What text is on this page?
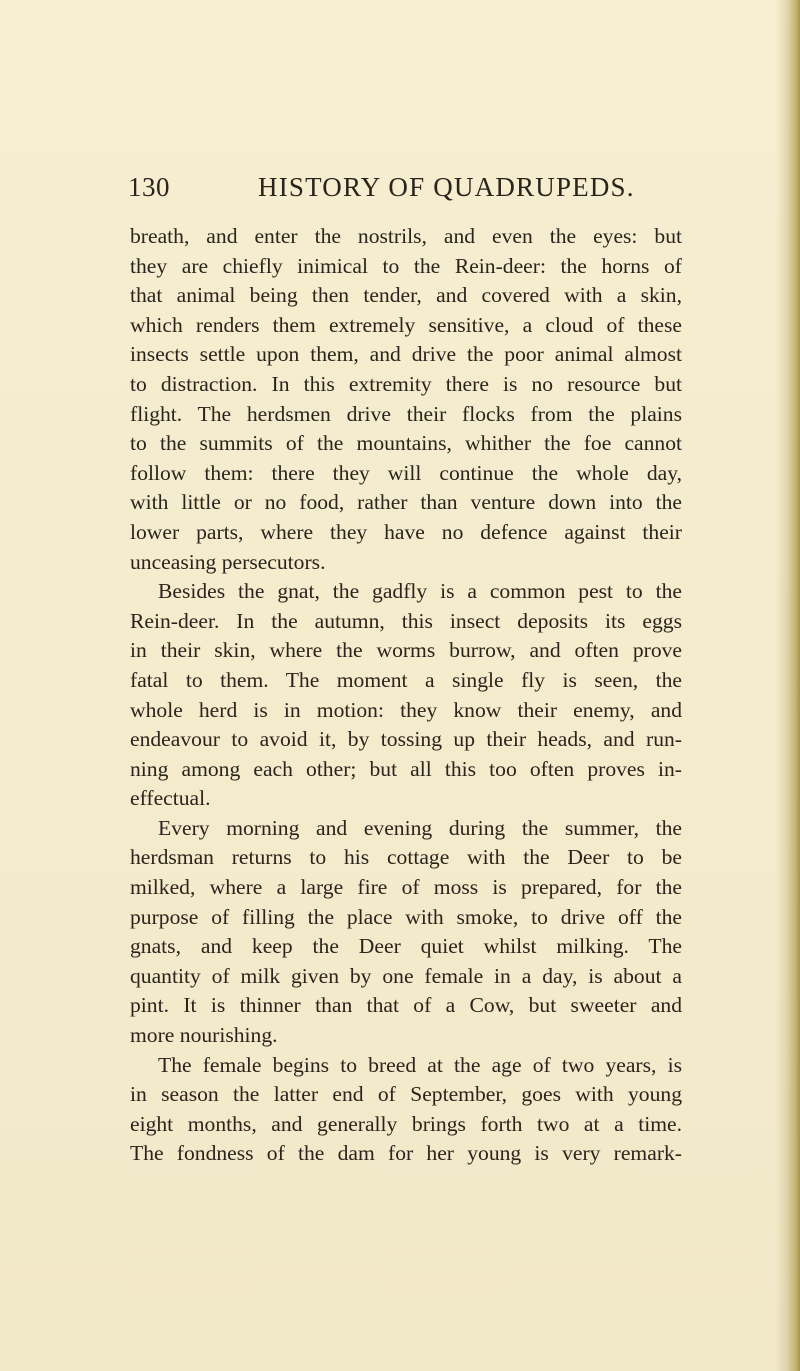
130	HISTORY OF QUADRUPEDS.
breath, and enter the nostrils, and even the eyes: but
they are chiefly inimical to the Rein-deer: the horns of
that animal being then tender, and covered with a skin,
which renders them extremely sensitive, a cloud of these
insects settle upon them, and drive the poor animal almost
to distraction. In this extremity there is no resource but
flight. The herdsmen drive their flocks from the plains
to the summits of the mountains, whither the foe cannot
follow them: there they will continue the whole day,
with little or no food, rather than venture down into the
lower parts, where they have no defence against their
unceasing persecutors.
Besides the gnat, the gadfly is a common pest to the
Rein-deer. In the autumn, this insect deposits its eggs
in their skin, where the worms burrow, and often prove
fatal to them. The moment a single fly is seen, the
whole herd is in motion: they know their enemy, and
endeavour to avoid it, by tossing up their heads, and run-
ning among each other; but all this too often proves in-
effectual.
Every morning and evening during the summer, the
herdsman returns to his cottage with the Deer to be
milked, where a large fire of moss is prepared, for the
purpose of filling the place with smoke, to drive off the
gnats, and keep the Deer quiet whilst milking. The
quantity of milk given by one female in a day, is about a
pint. It is thinner than that of a Cow, but sweeter and
more nourishing.
The female begins to breed at the age of two years, is
in season the latter end of September, goes with young
eight months, and generally brings forth two at a time.
The fondness of the dam for her young is very remark-
